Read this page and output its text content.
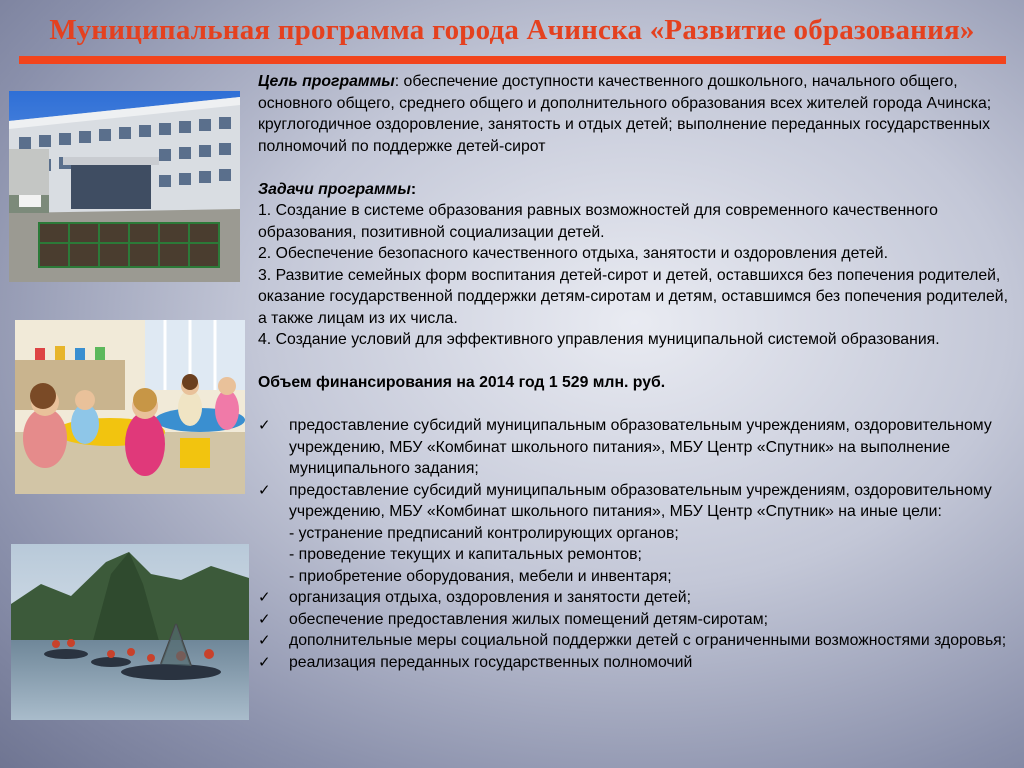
Муниципальная программа города Ачинска «Развитие образования»

Цель программы: обеспечение доступности качественного дошкольного, начального общего, основного общего, среднего общего и дополнительного образования всех жителей города Ачинска; круглогодичное оздоровление, занятость и отдых детей; выполнение переданных государственных полномочий по поддержке детей-сирот

Задачи программы:

1. Создание в системе образования равных возможностей для современного качественного образования, позитивной социализации детей.

2. Обеспечение безопасного качественного отдыха, занятости и оздоровления детей.

3. Развитие семейных форм воспитания детей-сирот и детей, оставшихся без попечения родителей, оказание государственной поддержки детям-сиротам и детям, оставшимся без попечения родителей, а также лицам из их числа.

4. Создание условий для эффективного управления муниципальной системой образования.

Объем финансирования на 2014 год 1 529 млн. руб.

✓	предоставление субсидий муниципальным образовательным учреждениям, оздоровительному учреждению, МБУ «Комбинат школьного питания», МБУ Центр «Спутник» на выполнение муниципального задания;
✓	предоставление субсидий муниципальным образовательным учреждениям, оздоровительному учреждению, МБУ «Комбинат школьного питания», МБУ Центр «Спутник» на иные цели:
- устранение предписаний контролирующих органов;
- проведение текущих и капитальных ремонтов;
- приобретение оборудования, мебели и инвентаря;
✓	организация отдыха, оздоровления и занятости детей;
✓	обеспечение предоставления жилых помещений детям-сиротам;
✓	дополнительные меры социальной поддержки детей с ограниченными возможностями здоровья;
✓	реализация переданных государственных полномочий
